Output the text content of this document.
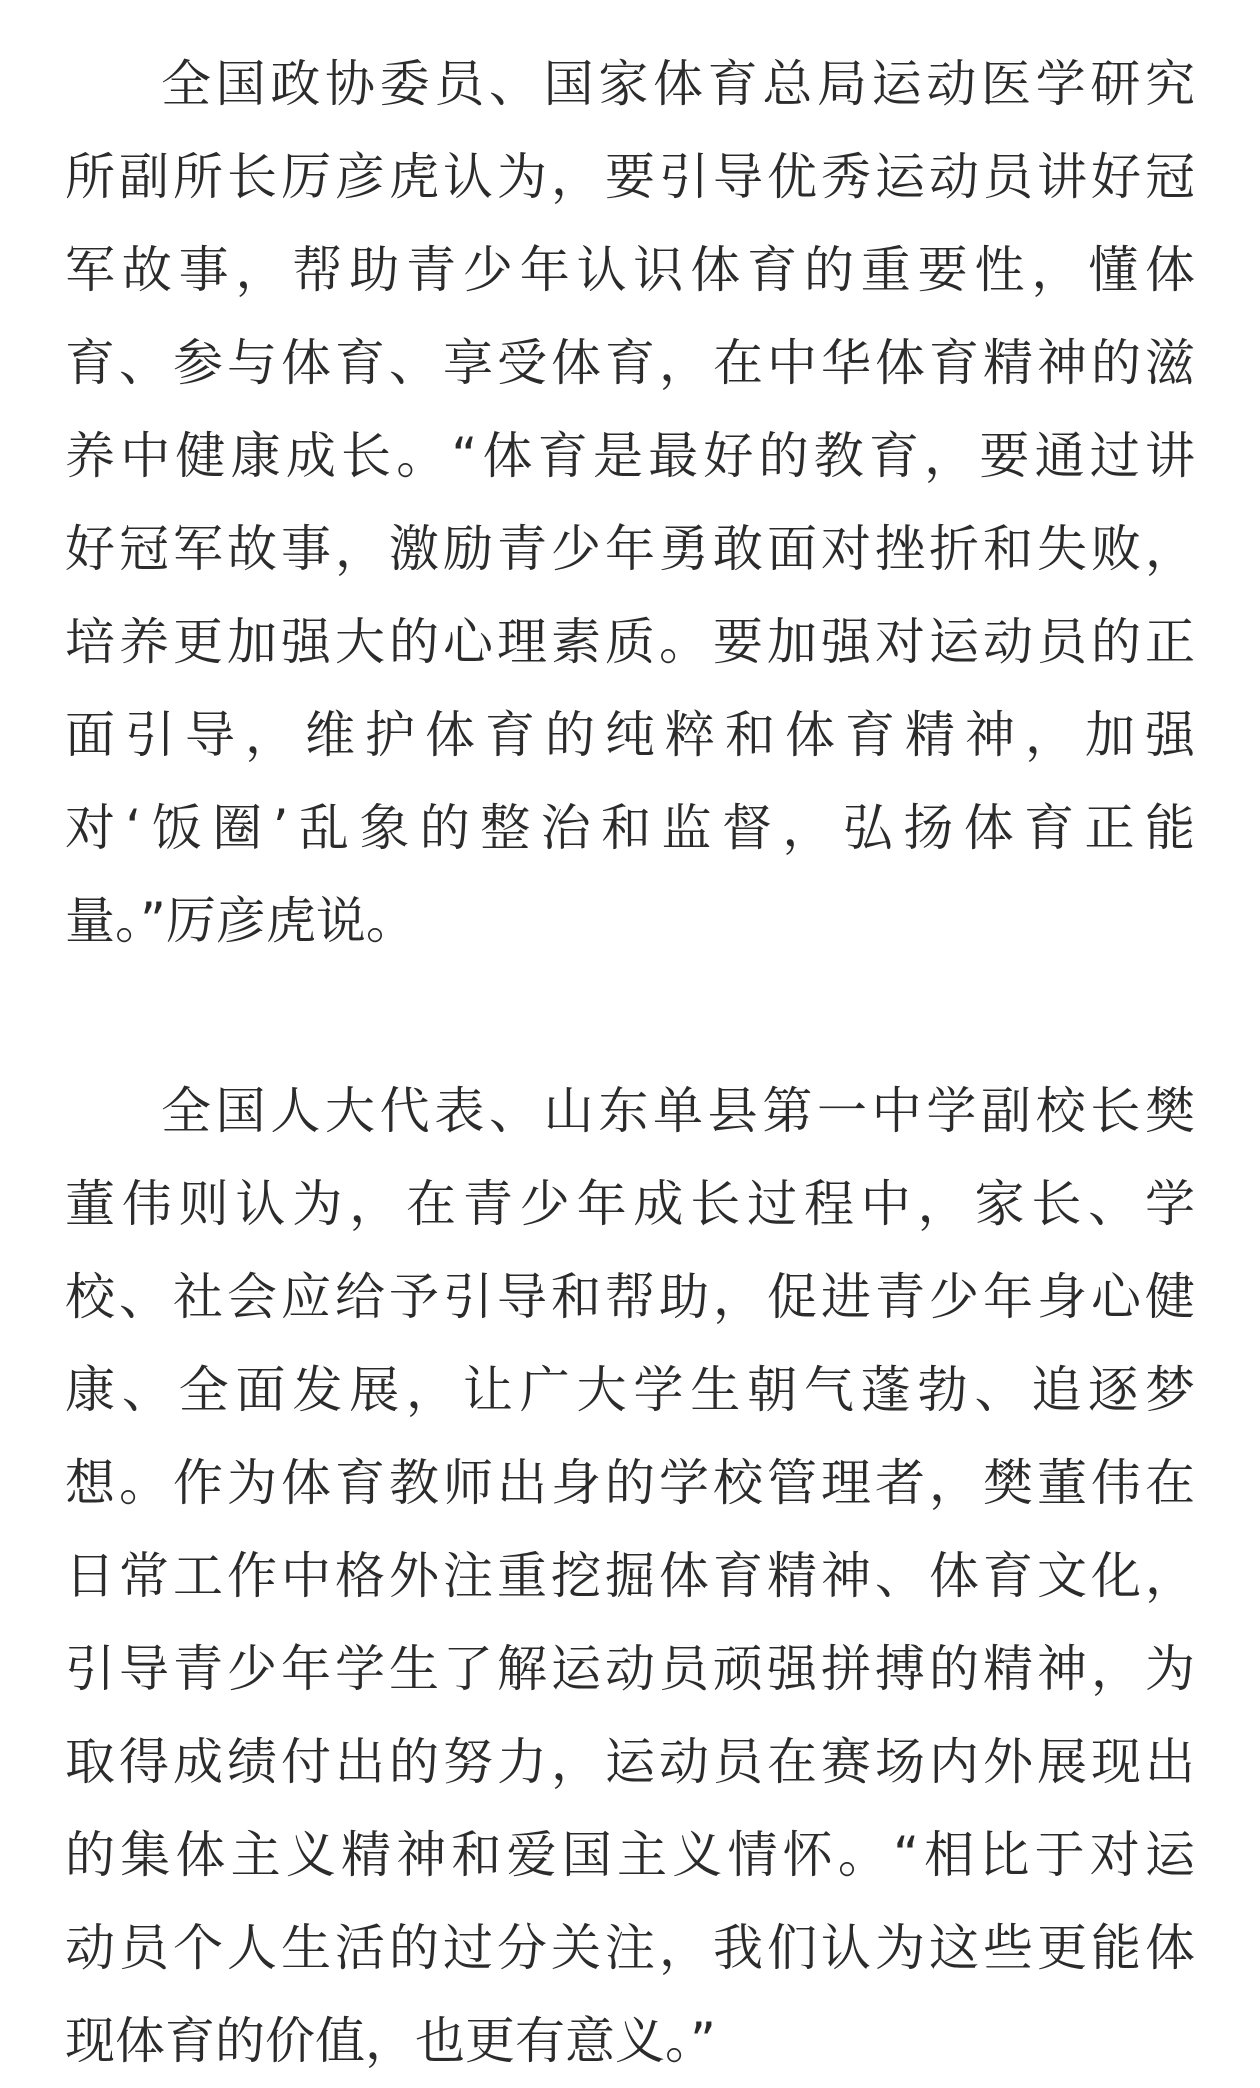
全国政协委员、国家体育总局运动医学研究
所副所长厉彦虎认为，要引导优秀运动员讲好冠
军故事，帮助青少年认识体育的重要性，懂体
育、参与体育、享受体育，在中华体育精神的滋
养中健康成长。“体育是最好的教育，要通过讲
好冠军故事，激励青少年勇敢面对挫折和失败，
培养更加强大的心理素质。要加强对运动员的正
面引导，维护体育的纯粹和体育精神，加强
对‘饭圈’乱象的整治和监督，弘扬体育正能
量。”厉彦虎说。
全国人大代表、山东单县第一中学副校长樊
董伟则认为，在青少年成长过程中，家长、学
校、社会应给予引导和帮助，促进青少年身心健
康、全面发展，让广大学生朝气蓬勃、追逐梦
想。作为体育教师出身的学校管理者，樊董伟在
日常工作中格外注重挖掘体育精神、体育文化，
引导青少年学生了解运动员顽强拼搏的精神，为
取得成绩付出的努力，运动员在赛场内外展现出
的集体主义精神和爱国主义情怀。“相比于对运
动员个人生活的过分关注，我们认为这些更能体
现体育的价值，也更有意义。”
